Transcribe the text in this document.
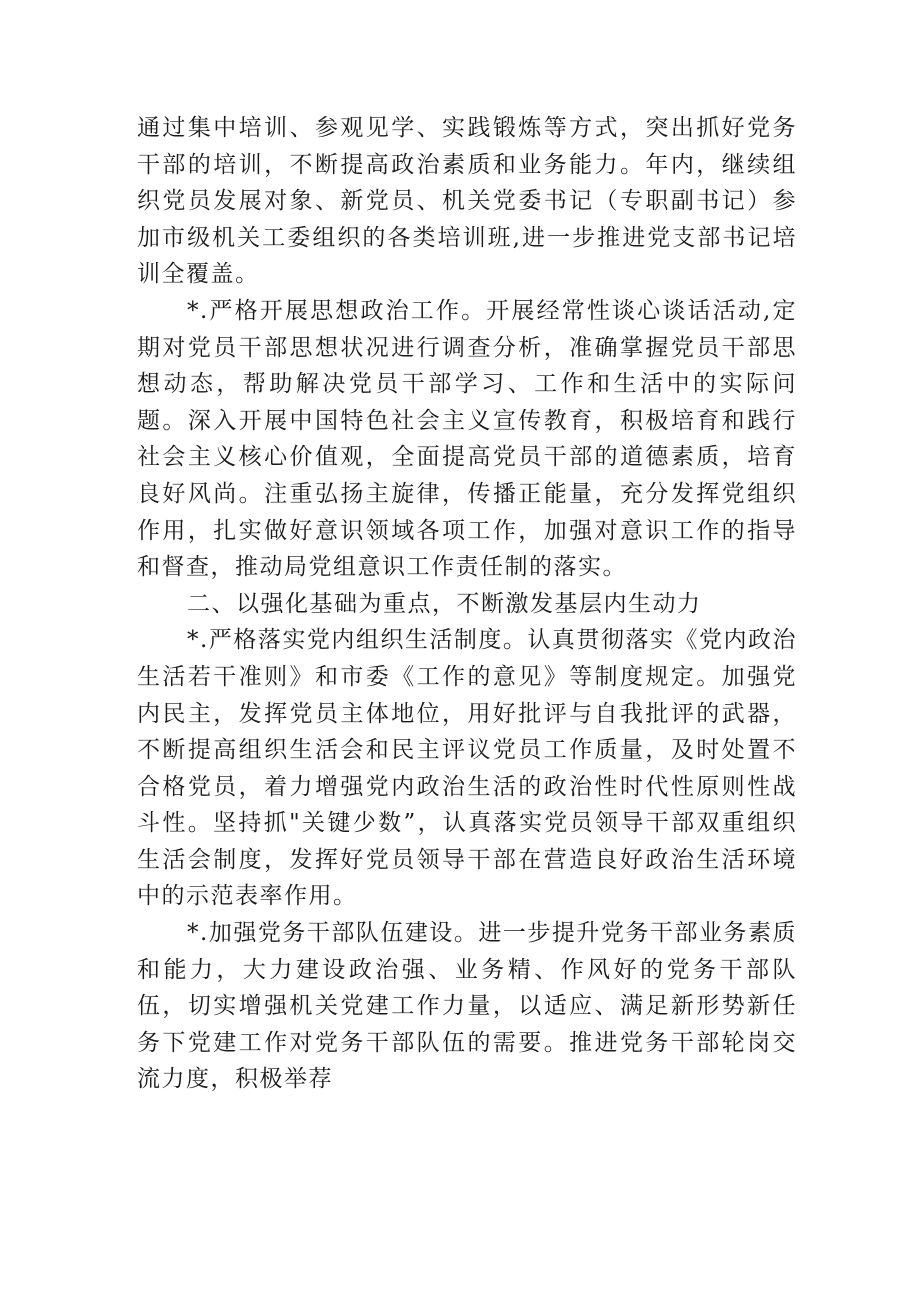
通过集中培训、参观见学、实践锻炼等方式，突出抓好党务干部的培训，不断提高政治素质和业务能力。年内，继续组织党员发展对象、新党员、机关党委书记（专职副书记）参加市级机关工委组织的各类培训班,进一步推进党支部书记培训全覆盖。

*.严格开展思想政治工作。开展经常性谈心谈话活动,定期对党员干部思想状况进行调查分析，准确掌握党员干部思想动态，帮助解决党员干部学习、工作和生活中的实际问题。深入开展中国特色社会主义宣传教育，积极培育和践行社会主义核心价值观，全面提高党员干部的道德素质，培育良好风尚。注重弘扬主旋律，传播正能量，充分发挥党组织作用，扎实做好意识领域各项工作，加强对意识工作的指导和督查，推动局党组意识工作责任制的落实。

二、以强化基础为重点，不断激发基层内生动力

*.严格落实党内组织生活制度。认真贯彻落实《党内政治生活若干准则》和市委《工作的意见》等制度规定。加强党内民主，发挥党员主体地位，用好批评与自我批评的武器，不断提高组织生活会和民主评议党员工作质量，及时处置不合格党员，着力增强党内政治生活的政治性时代性原则性战斗性。坚持抓"关键少数”，认真落实党员领导干部双重组织生活会制度，发挥好党员领导干部在营造良好政治生活环境中的示范表率作用。

*.加强党务干部队伍建设。进一步提升党务干部业务素质和能力，大力建设政治强、业务精、作风好的党务干部队伍，切实增强机关党建工作力量，以适应、满足新形势新任务下党建工作对党务干部队伍的需要。推进党务干部轮岗交流力度，积极举荐
